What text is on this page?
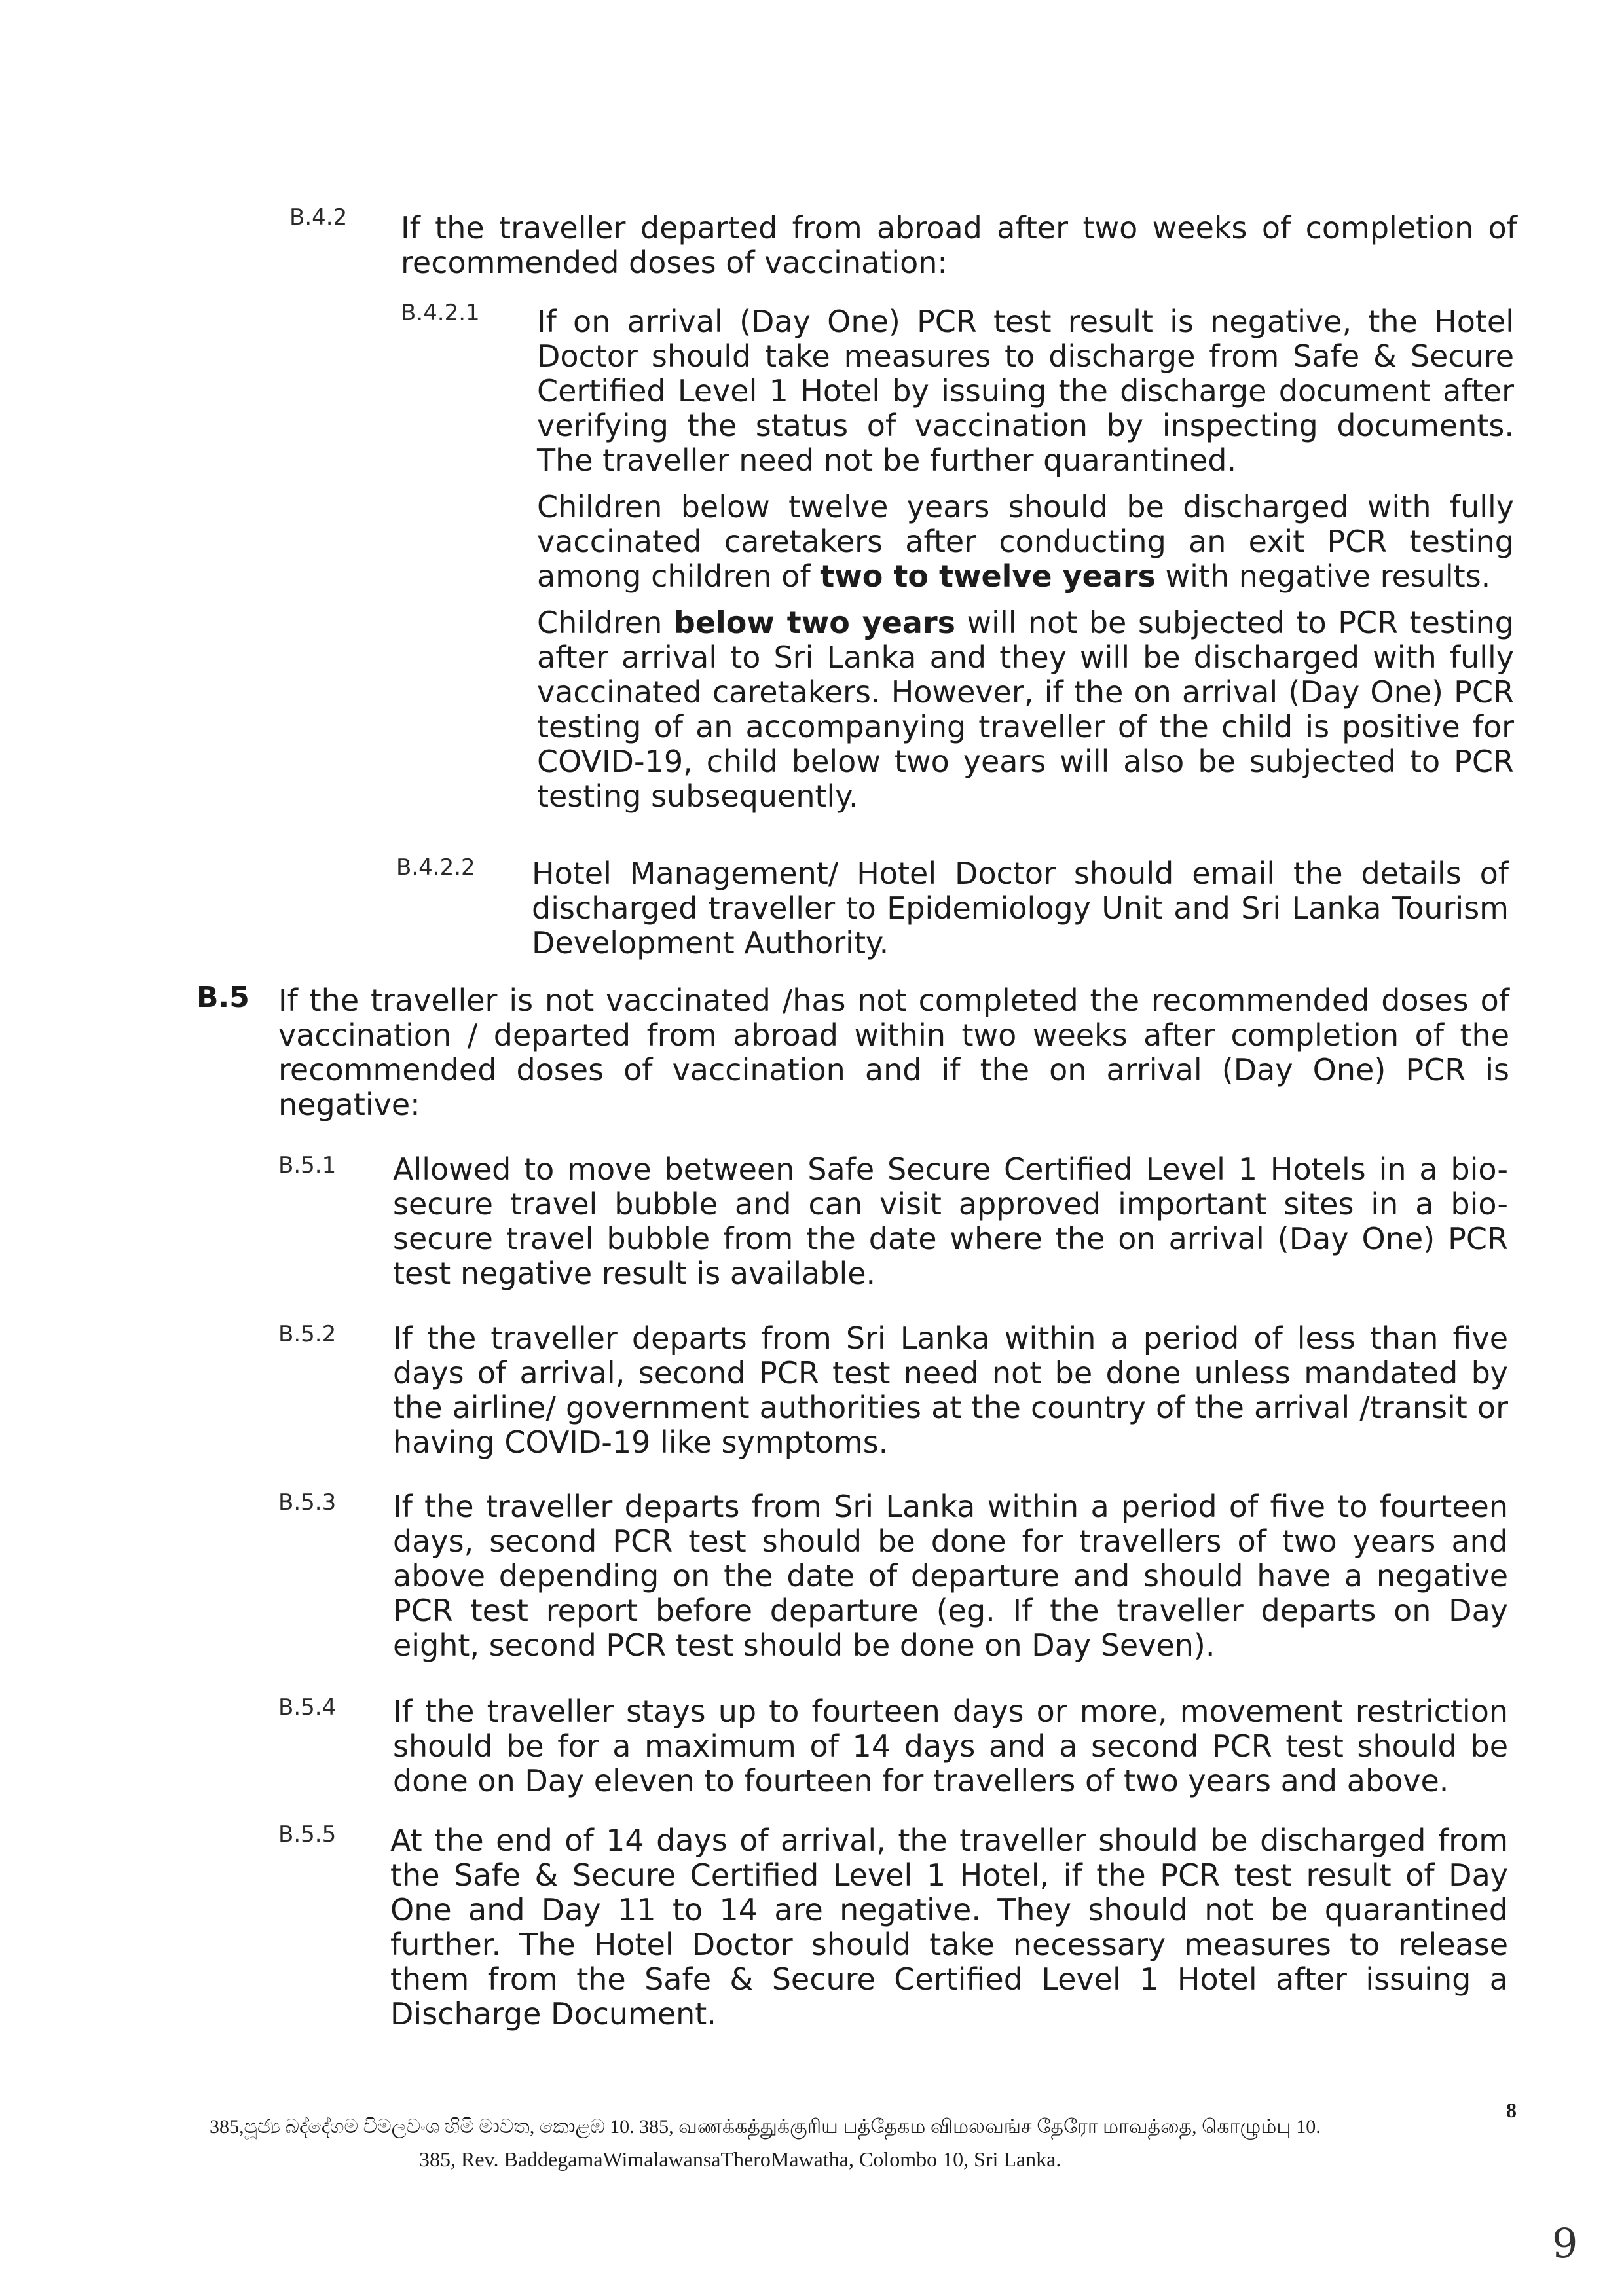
B.4.2 If the traveller departed from abroad after two weeks of completion of recommended doses of vaccination:
B.4.2.1 If on arrival (Day One) PCR test result is negative, the Hotel Doctor should take measures to discharge from Safe & Secure Certified Level 1 Hotel by issuing the discharge document after verifying the status of vaccination by inspecting documents. The traveller need not be further quarantined.

Children below twelve years should be discharged with fully vaccinated caretakers after conducting an exit PCR testing among children of two to twelve years with negative results.

Children below two years will not be subjected to PCR testing after arrival to Sri Lanka and they will be discharged with fully vaccinated caretakers. However, if the on arrival (Day One) PCR testing of an accompanying traveller of the child is positive for COVID-19, child below two years will also be subjected to PCR testing subsequently.

B.4.2.2 Hotel Management/ Hotel Doctor should email the details of discharged traveller to Epidemiology Unit and Sri Lanka Tourism Development Authority.
B.5 If the traveller is not vaccinated /has not completed the recommended doses of vaccination / departed from abroad within two weeks after completion of the recommended doses of vaccination and if the on arrival (Day One) PCR is negative:
B.5.1 Allowed to move between Safe Secure Certified Level 1 Hotels in a bio-secure travel bubble and can visit approved important sites in a bio-secure travel bubble from the date where the on arrival (Day One) PCR test negative result is available.
B.5.2 If the traveller departs from Sri Lanka within a period of less than five days of arrival, second PCR test need not be done unless mandated by the airline/ government authorities at the country of the arrival /transit or having COVID-19 like symptoms.
B.5.3 If the traveller departs from Sri Lanka within a period of five to fourteen days, second PCR test should be done for travellers of two years and above depending on the date of departure and should have a negative PCR test report before departure (eg. If the traveller departs on Day eight, second PCR test should be done on Day Seven).
B.5.4 If the traveller stays up to fourteen days or more, movement restriction should be for a maximum of 14 days and a second PCR test should be done on Day eleven to fourteen for travellers of two years and above.
B.5.5 At the end of 14 days of arrival, the traveller should be discharged from the Safe & Secure Certified Level 1 Hotel, if the PCR test result of Day One and Day 11 to 14 are negative. They should not be quarantined further. The Hotel Doctor should take necessary measures to release them from the Safe & Secure Certified Level 1 Hotel after issuing a Discharge Document.
8
385,පූජ්‍ය බද්දේගම විමලවංශ හිමි මාවත, කොළඹ 10. 385, வணக்கத்துக்குரிய பத்தேகம விமலவங்ச தேரோ மாவத்தை, கொழும்பு 10.
385, Rev. BaddegamaWimalawansaTheroMawatha, Colombo 10, Sri Lanka.
9
